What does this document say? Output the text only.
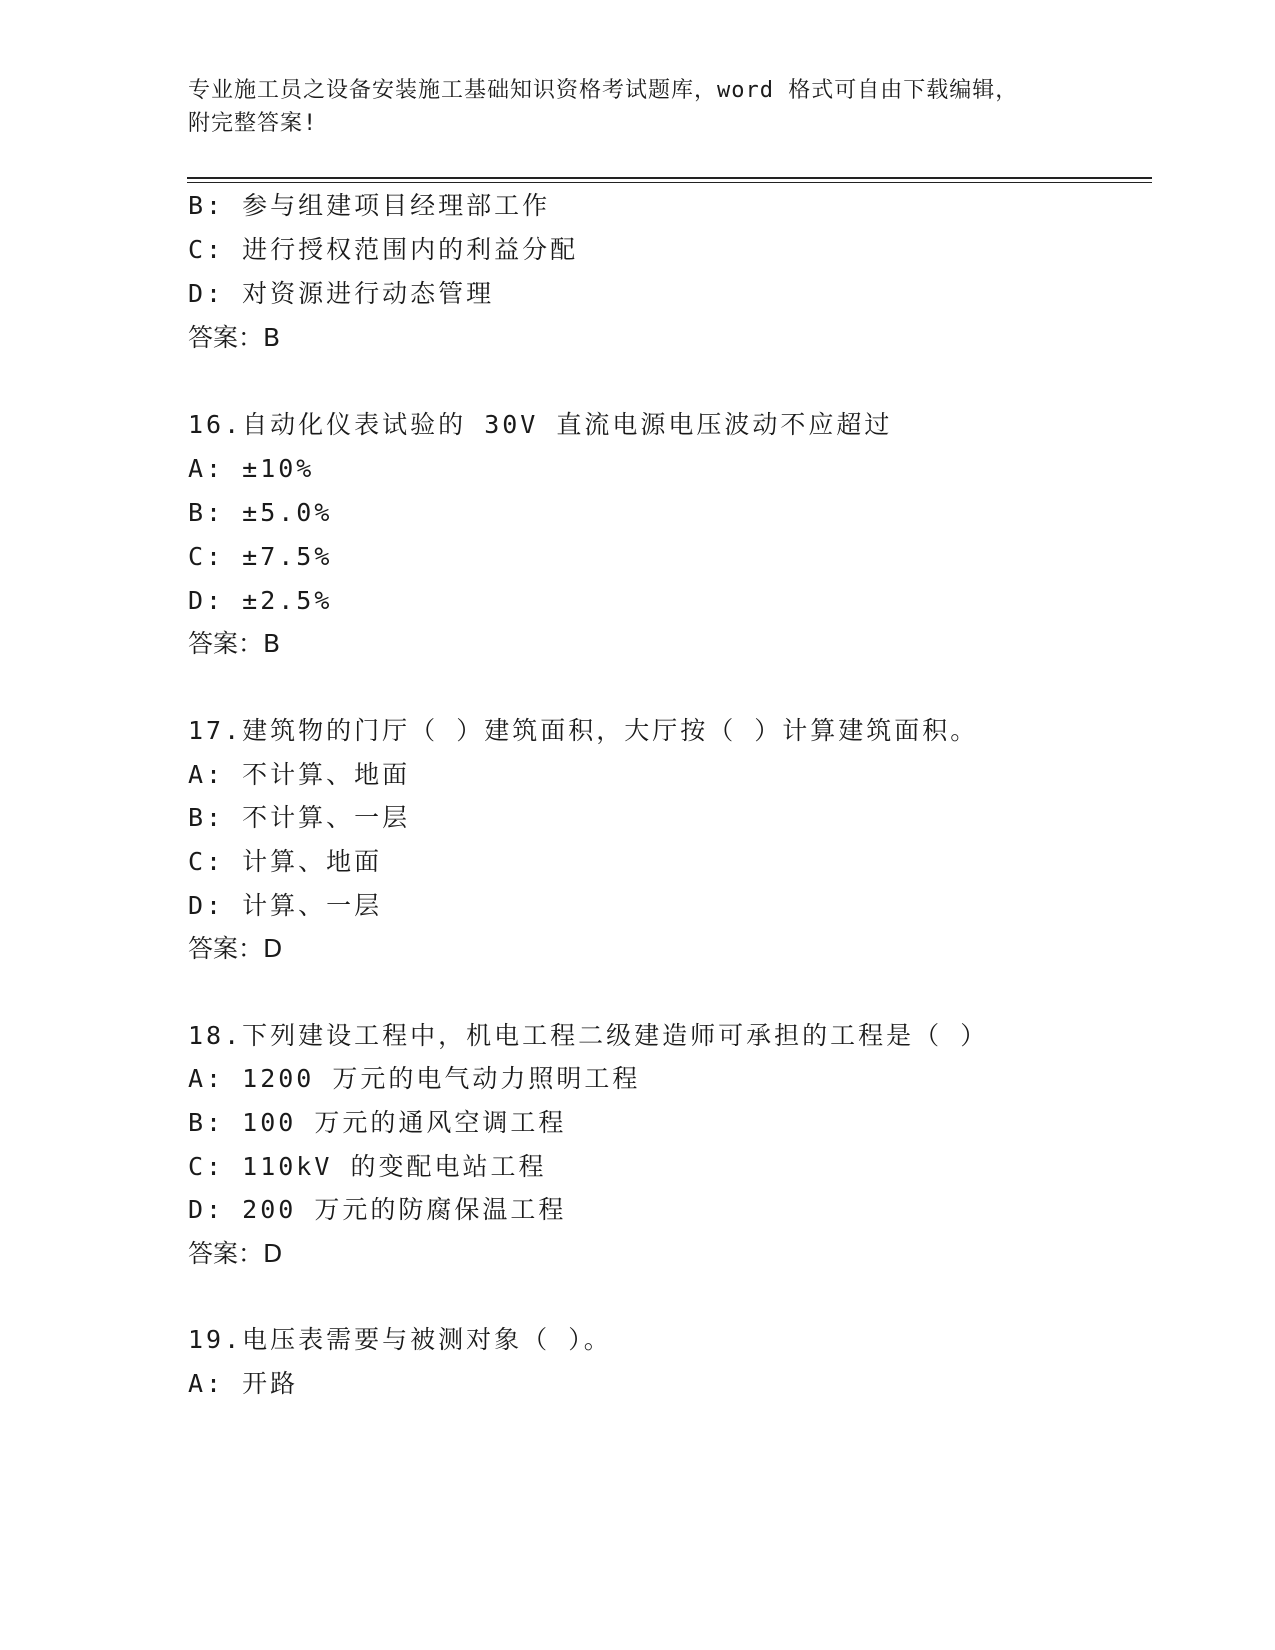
专业施工员之设备安装施工基础知识资格考试题库，word 格式可自由下载编辑，
附完整答案!
B: 参与组建项目经理部工作
C: 进行授权范围内的利益分配
D: 对资源进行动态管理
答案：B
16.自动化仪表试验的 30V 直流电源电压波动不应超过
A: ±10%
B: ±5.0%
C: ±7.5%
D: ±2.5%
答案：B
17.建筑物的门厅（ ）建筑面积，大厅按（ ）计算建筑面积。
A: 不计算、地面
B: 不计算、一层
C: 计算、地面
D: 计算、一层
答案：D
18.下列建设工程中，机电工程二级建造师可承担的工程是（ ）
A: 1200 万元的电气动力照明工程
B: 100 万元的通风空调工程
C: 110kV 的变配电站工程
D: 200 万元的防腐保温工程
答案：D
19.电压表需要与被测对象（ ）。
A: 开路
